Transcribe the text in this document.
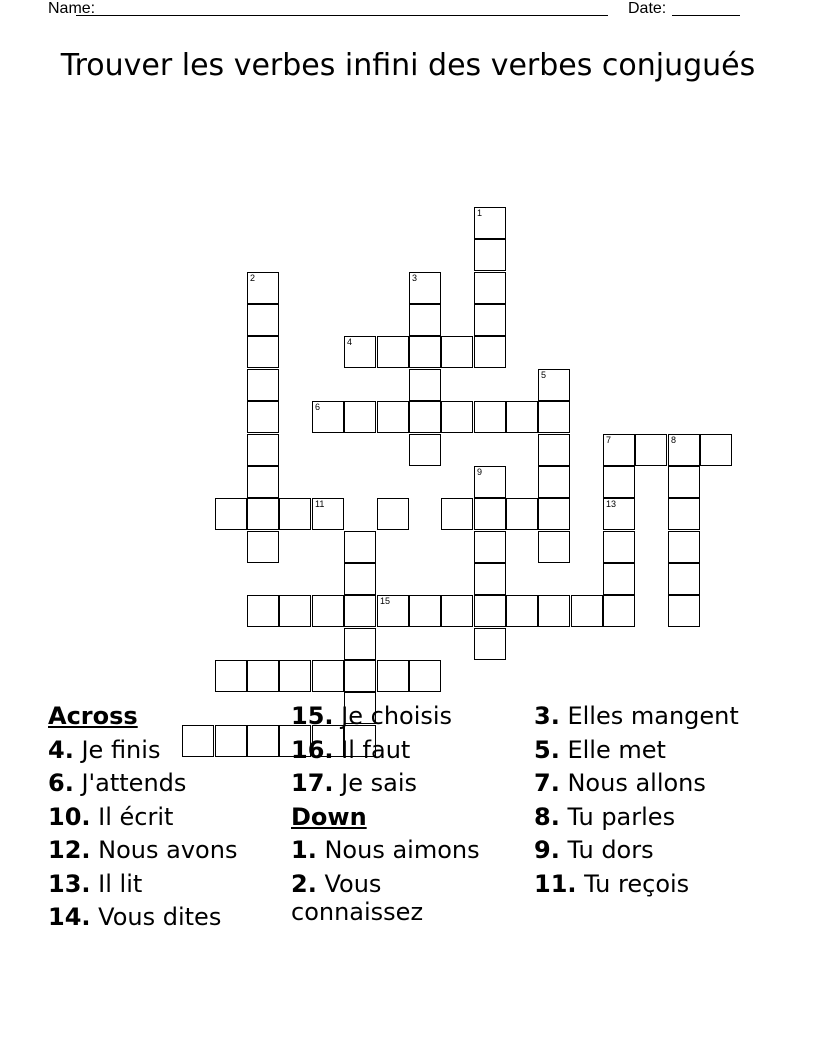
Name:	Date:
Trouver les verbes infini des verbes conjugués
1
2	3
4
6
5
7
13
8
9
11
15
Across
4. Je finis
6. J'attends
10. Il écrit
12. Nous avons
13. Il lit
14. Vous dites
15. Je choisis
16. Il faut
17. Je sais
Down
1. Nous aimons
2. Vous connaissez
3. Elles mangent
5. Elle met
7. Nous allons
8. Tu parles
9. Tu dors
11. Tu reçois
